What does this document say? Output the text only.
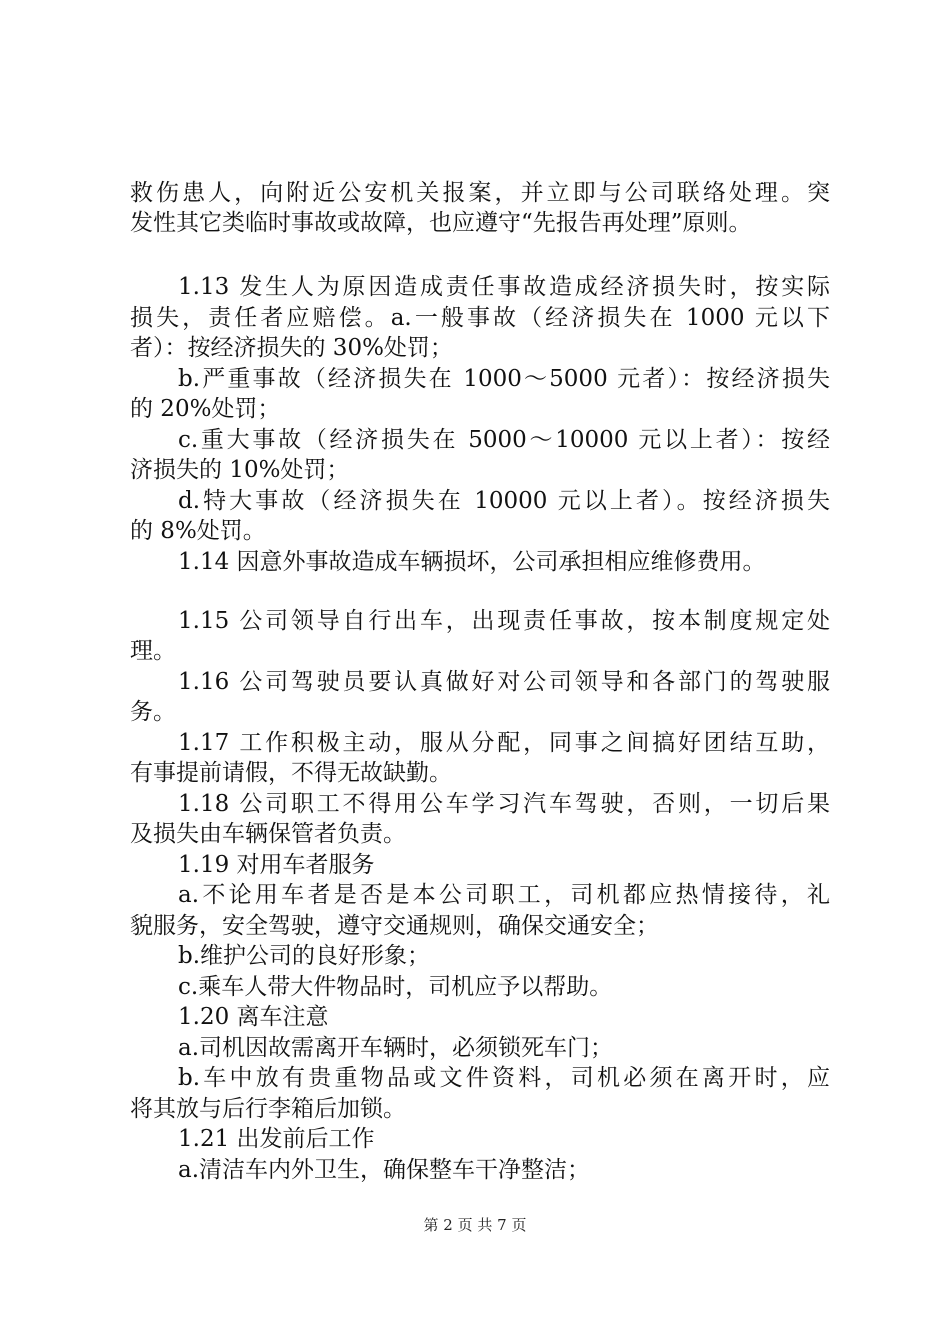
救伤患人，向附近公安机关报案，并立即与公司联络处理。突
发性其它类临时事故或故障，也应遵守“先报告再处理”原则。
1.13 发生人为原因造成责任事故造成经济损失时，按实际
损失，责任者应赔偿。a.一般事故（经济损失在 1000 元以下
者）：按经济损失的 30%处罚；
b.严重事故（经济损失在 1000～5000 元者）：按经济损失
的 20%处罚；
c.重大事故（经济损失在 5000～10000 元以上者）：按经
济损失的 10%处罚；
d.特大事故（经济损失在 10000 元以上者）。按经济损失
的 8%处罚。
1.14 因意外事故造成车辆损坏，公司承担相应维修费用。
1.15 公司领导自行出车，出现责任事故，按本制度规定处
理。
1.16 公司驾驶员要认真做好对公司领导和各部门的驾驶服
务。
1.17 工作积极主动，服从分配，同事之间搞好团结互助，
有事提前请假，不得无故缺勤。
1.18 公司职工不得用公车学习汽车驾驶，否则，一切后果
及损失由车辆保管者负责。
1.19 对用车者服务
a.不论用车者是否是本公司职工，司机都应热情接待，礼
貌服务，安全驾驶，遵守交通规则，确保交通安全；
b.维护公司的良好形象；
c.乘车人带大件物品时，司机应予以帮助。
1.20 离车注意
a.司机因故需离开车辆时，必须锁死车门；
b.车中放有贵重物品或文件资料，司机必须在离开时，应
将其放与后行李箱后加锁。
1.21 出发前后工作
a.清洁车内外卫生，确保整车干净整洁；
第 2 页 共 7 页
